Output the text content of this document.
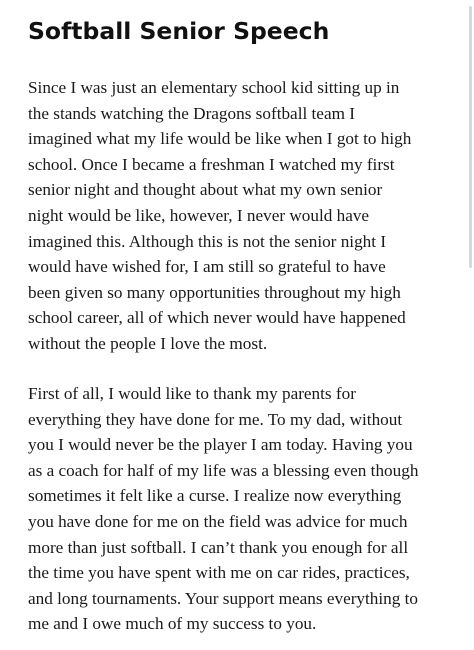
Softball Senior Speech

Since I was just an elementary school kid sitting up in
the stands watching the Dragons softball team I
imagined what my life would be like when I got to high
school. Once I became a freshman I watched my first
senior night and thought about what my own senior
night would be like, however, I never would have
imagined this. Although this is not the senior night I
would have wished for, I am still so grateful to have
been given so many opportunities throughout my high
school career, all of which never would have happened
without the people I love the most.

First of all, I would like to thank my parents for
everything they have done for me. To my dad, without
you I would never be the player I am today. Having you
as a coach for half of my life was a blessing even though
sometimes it felt like a curse. I realize now everything
you have done for me on the field was advice for much
more than just softball. I can’t thank you enough for all
the time you have spent with me on car rides, practices,
and long tournaments. Your support means everything to
me and I owe much of my success to you.
